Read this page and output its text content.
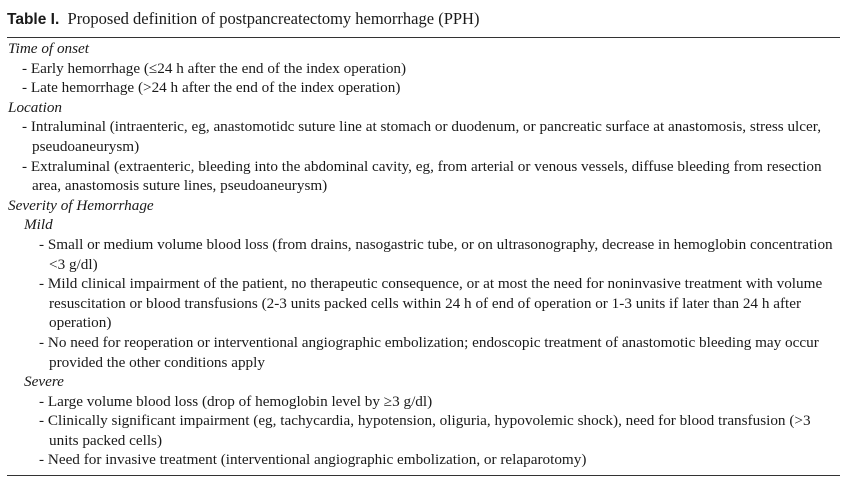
Table I. Proposed definition of postpancreatectomy hemorrhage (PPH)
Time of onset
- Early hemorrhage (≤24 h after the end of the index operation)
- Late hemorrhage (>24 h after the end of the index operation)
Location
- Intraluminal (intraenteric, eg, anastomotidc suture line at stomach or duodenum, or pancreatic surface at anastomosis, stress ulcer, pseudoaneurysm)
- Extraluminal (extraenteric, bleeding into the abdominal cavity, eg, from arterial or venous vessels, diffuse bleeding from resection area, anastomosis suture lines, pseudoaneurysm)
Severity of Hemorrhage
Mild
- Small or medium volume blood loss (from drains, nasogastric tube, or on ultrasonography, decrease in hemoglobin concentration <3 g/dl)
- Mild clinical impairment of the patient, no therapeutic consequence, or at most the need for noninvasive treatment with volume resuscitation or blood transfusions (2-3 units packed cells within 24 h of end of operation or 1-3 units if later than 24 h after operation)
- No need for reoperation or interventional angiographic embolization; endoscopic treatment of anastomotic bleeding may occur provided the other conditions apply
Severe
- Large volume blood loss (drop of hemoglobin level by ≥3 g/dl)
- Clinically significant impairment (eg, tachycardia, hypotension, oliguria, hypovolemic shock), need for blood transfusion (>3 units packed cells)
- Need for invasive treatment (interventional angiographic embolization, or relaparotomy)
